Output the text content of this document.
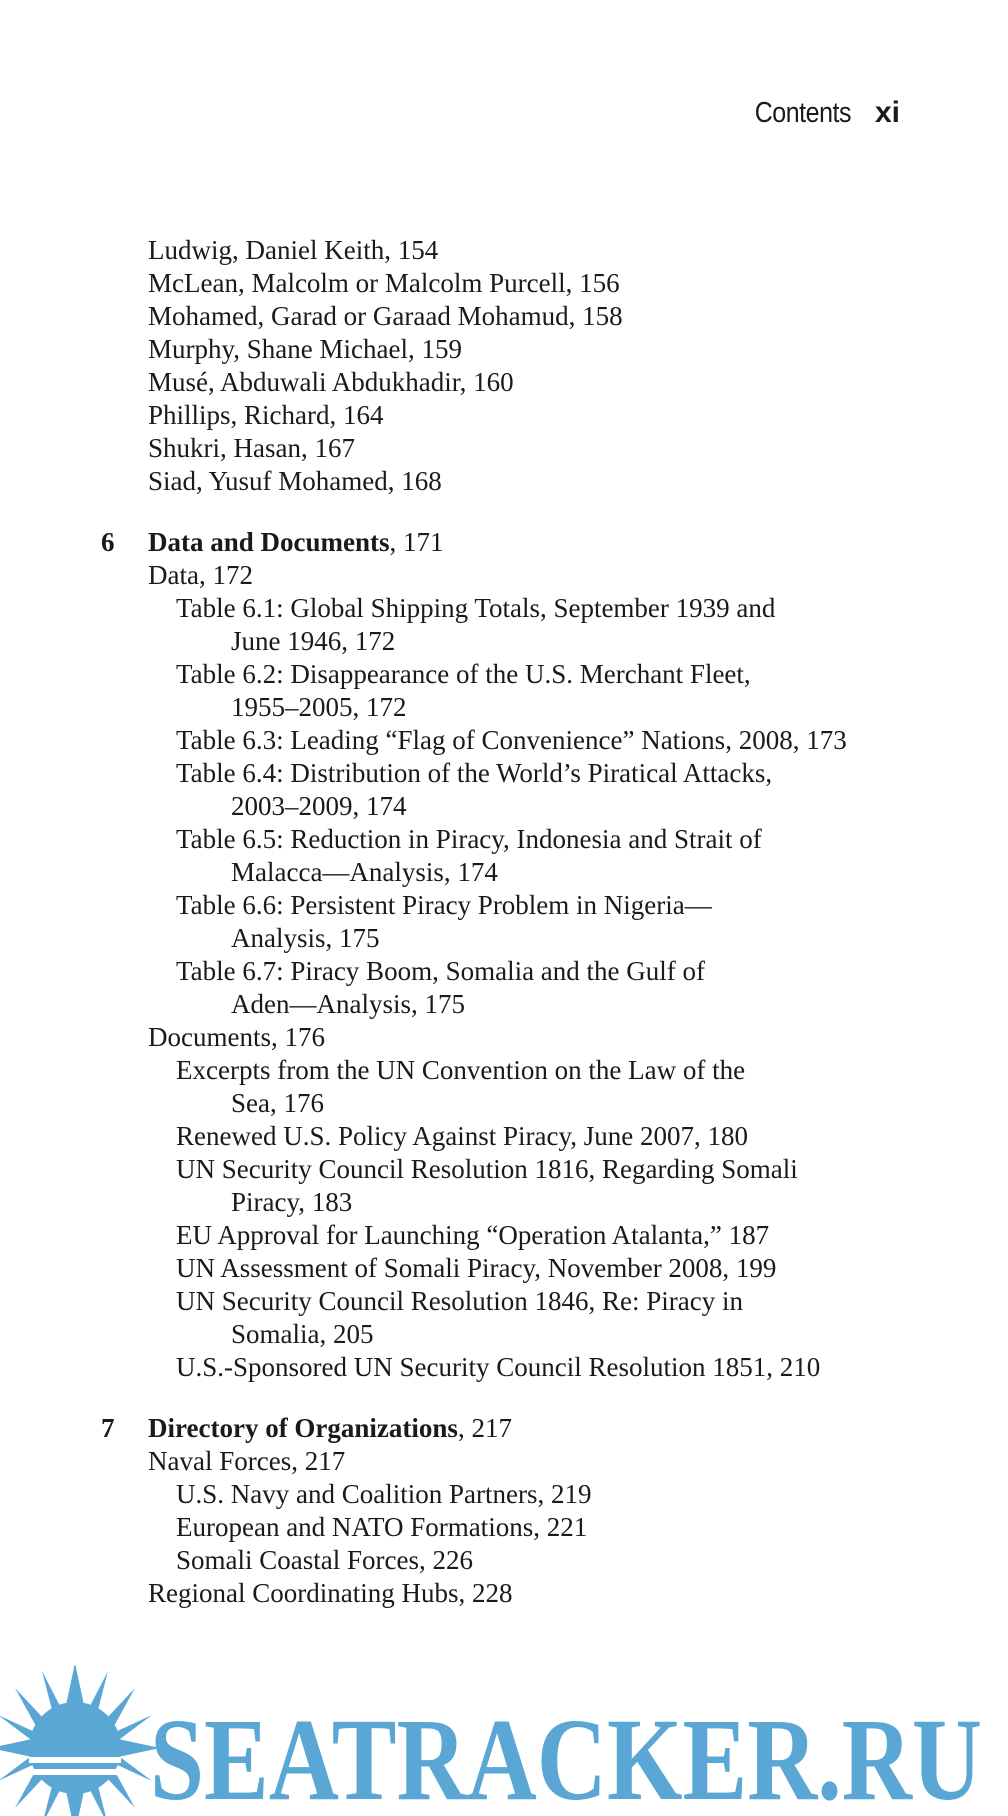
Contents xi
Ludwig, Daniel Keith, 154
McLean, Malcolm or Malcolm Purcell, 156
Mohamed, Garad or Garaad Mohamud, 158
Murphy, Shane Michael, 159
Musé, Abduwali Abdukhadir, 160
Phillips, Richard, 164
Shukri, Hasan, 167
Siad, Yusuf Mohamed, 168
6 Data and Documents, 171
Data, 172
Table 6.1: Global Shipping Totals, September 1939 and
June 1946, 172
Table 6.2: Disappearance of the U.S. Merchant Fleet,
1955–2005, 172
Table 6.3: Leading “Flag of Convenience” Nations, 2008, 173
Table 6.4: Distribution of the World’s Piratical Attacks,
2003–2009, 174
Table 6.5: Reduction in Piracy, Indonesia and Strait of
Malacca—Analysis, 174
Table 6.6: Persistent Piracy Problem in Nigeria—
Analysis, 175
Table 6.7: Piracy Boom, Somalia and the Gulf of
Aden—Analysis, 175
Documents, 176
Excerpts from the UN Convention on the Law of the
Sea, 176
Renewed U.S. Policy Against Piracy, June 2007, 180
UN Security Council Resolution 1816, Regarding Somali
Piracy, 183
EU Approval for Launching “Operation Atalanta,” 187
UN Assessment of Somali Piracy, November 2008, 199
UN Security Council Resolution 1846, Re: Piracy in
Somalia, 205
U.S.-Sponsored UN Security Council Resolution 1851, 210
7 Directory of Organizations, 217
Naval Forces, 217
U.S. Navy and Coalition Partners, 219
European and NATO Formations, 221
Somali Coastal Forces, 226
Regional Coordinating Hubs, 228
SEATRACKER.RU
